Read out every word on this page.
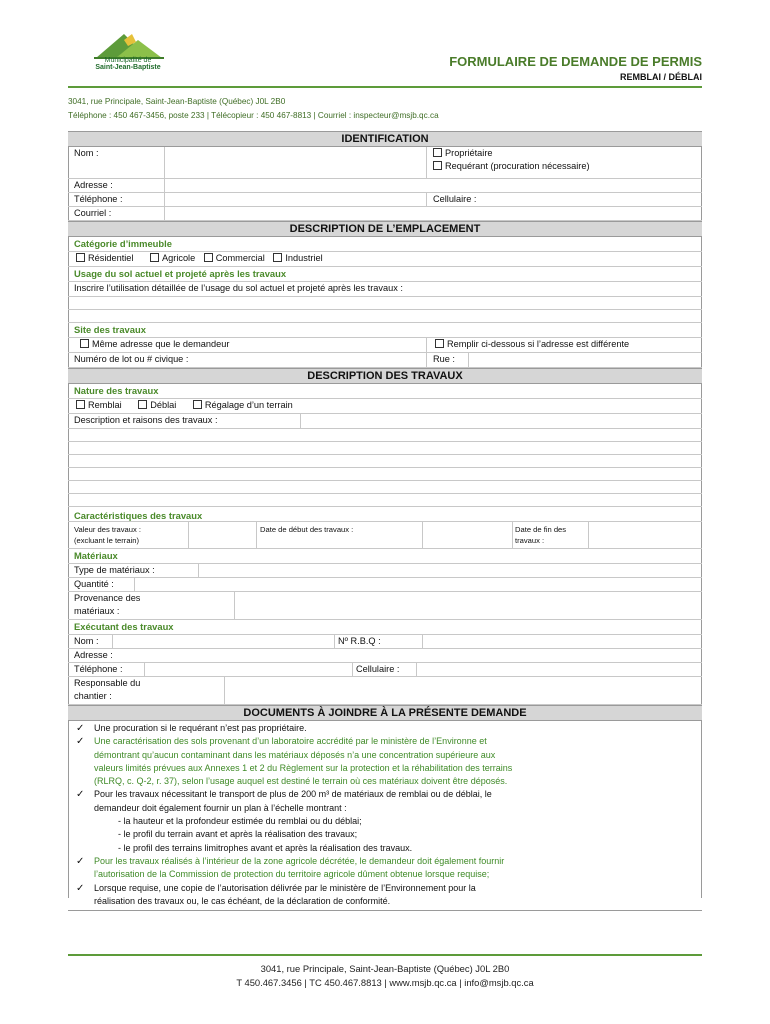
Municipalité de
Saint-Jean-Baptiste	FORMULAIRE DE DEMANDE DE PERMIS
REMBLAI / DÉBLAI
3041, rue Principale, Saint-Jean-Baptiste (Québec) J0L 2B0
Téléphone : 450 467-3456, poste 233 | Télécopieur : 450 467-8813 | Courriel : inspecteur@msjb.qc.ca
IDENTIFICATION
Nom :	Propriétaire
Requérant (procuration nécessaire)
Adresse :
Téléphone :	Cellulaire :
Courriel :
DESCRIPTION DE L’EMPLACEMENT
Catégorie d’immeuble
Résidentiel	Agricole Commercial Industriel
Usage du sol actuel et projeté après les travaux
Inscrire l’utilisation détaillée de l’usage du sol actuel et projeté après les travaux :
Site des travaux
Même adresse que le demandeur	Remplir ci-dessous si l’adresse est différente
Numéro de lot ou # civique :	Rue :
DESCRIPTION DES TRAVAUX
Nature des travaux
Remblai	Déblai	Régalage d’un terrain
Description et raisons des travaux :
Caractéristiques des travaux
Valeur des travaux :
(excluant le terrain)
Date de début des travaux :	Date de fin des
travaux :
Matériaux
Type de matériaux :
Quantité :
Provenance des
matériaux :
Exécutant des travaux
Nom :	Nº R.B.Q :
Adresse :
Téléphone :	Cellulaire :
Responsable du
chantier :
DOCUMENTS À JOINDRE À LA PRÉSENTE DEMANDE
✓ Une procuration si le requérant n’est pas propriétaire.
✓ Une caractérisation des sols provenant d’un laboratoire accrédité par le ministère de l’Environne et
démontrant qu’aucun contaminant dans les matériaux déposés n’a une concentration supérieure aux
valeurs limités prévues aux Annexes 1 et 2 du Règlement sur la protection et la réhabilitation des terrains
(RLRQ, c. Q-2, r. 37), selon l’usage auquel est destiné le terrain où ces matériaux doivent être déposés.
✓ Pour les travaux nécessitant le transport de plus de 200 m³ de matériaux de remblai ou de déblai, le
demandeur doit également fournir un plan à l’échelle montrant :
- la hauteur et la profondeur estimée du remblai ou du déblai;
- le profil du terrain avant et après la réalisation des travaux;
- le profil des terrains limitrophes avant et après la réalisation des travaux.
✓ Pour les travaux réalisés à l’intérieur de la zone agricole décrétée, le demandeur doit également fournir
l’autorisation de la Commission de protection du territoire agricole dûment obtenue lorsque requise;
✓ Lorsque requise, une copie de l’autorisation délivrée par le ministère de l’Environnement pour la
réalisation des travaux ou, le cas échéant, de la déclaration de conformité.
3041, rue Principale, Saint-Jean-Baptiste (Québec) J0L 2B0
T 450.467.3456 | TC 450.467.8813 | www.msjb.qc.ca | info@msjb.qc.ca
